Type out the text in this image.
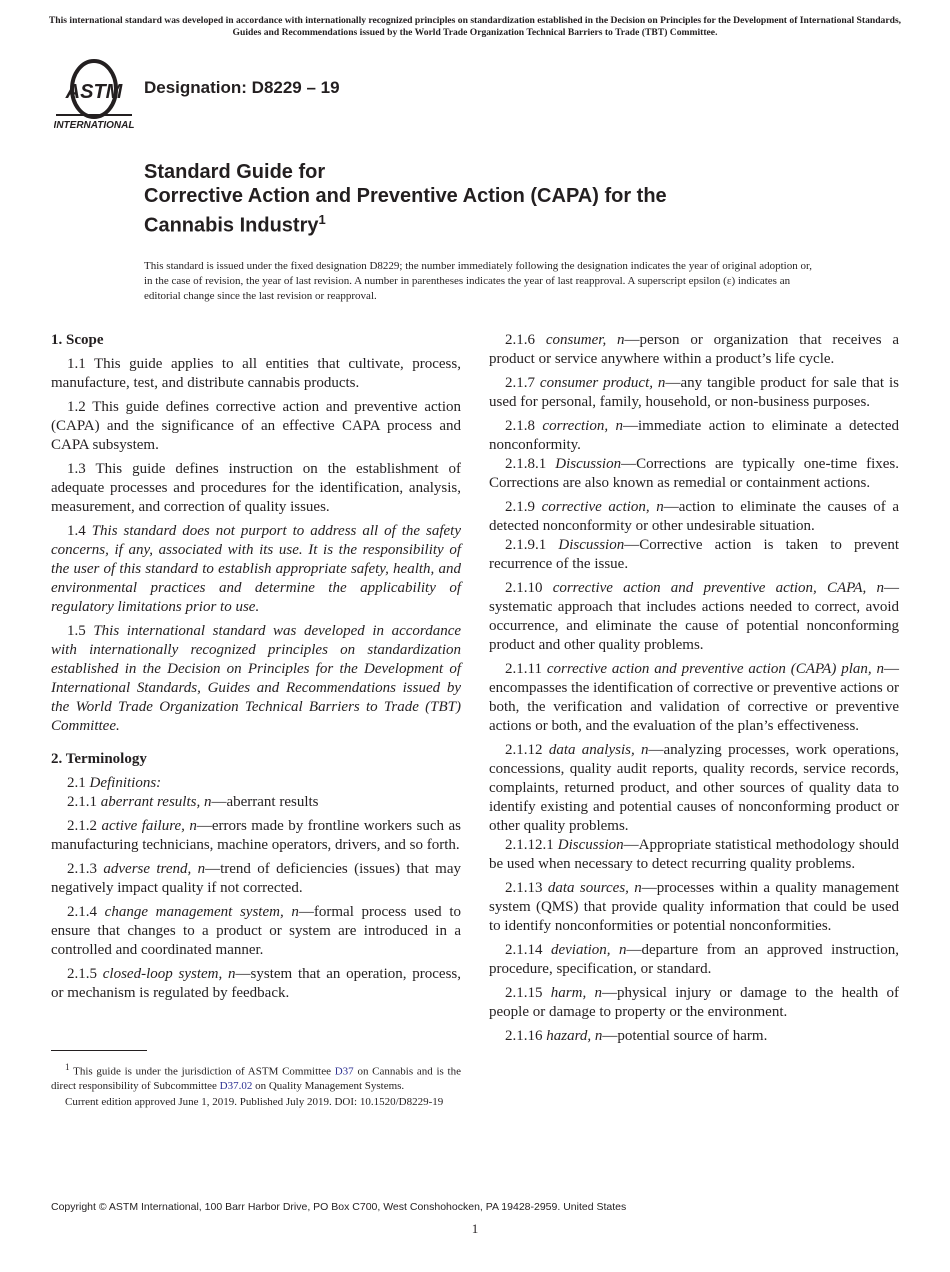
This international standard was developed in accordance with internationally recognized principles on standardization established in the Decision on Principles for the Development of International Standards, Guides and Recommendations issued by the World Trade Organization Technical Barriers to Trade (TBT) Committee.
ASTM
INTERNATIONAL
Designation: D8229 – 19
Standard Guide for
Corrective Action and Preventive Action (CAPA) for the
Cannabis Industry$^1$
This standard is issued under the fixed designation D8229; the number immediately following the designation indicates the year of original adoption or, in the case of revision, the year of last revision. A number in parentheses indicates the year of last reapproval. A superscript epsilon (ε) indicates an editorial change since the last revision or reapproval.
1. Scope

1.1 This guide applies to all entities that cultivate, process, manufacture, test, and distribute cannabis products.

1.2 This guide defines corrective action and preventive action (CAPA) and the significance of an effective CAPA process and CAPA subsystem.

1.3 This guide defines instruction on the establishment of adequate processes and procedures for the identification, analysis, measurement, and correction of quality issues.

1.4 This standard does not purport to address all of the safety concerns, if any, associated with its use. It is the responsibility of the user of this standard to establish appropriate safety, health, and environmental practices and determine the applicability of regulatory limitations prior to use.

1.5 This international standard was developed in accordance with internationally recognized principles on standardization established in the Decision on Principles for the Development of International Standards, Guides and Recommendations issued by the World Trade Organization Technical Barriers to Trade (TBT) Committee.

2. Terminology

2.1 Definitions:

2.1.1 aberrant results, n—aberrant results

2.1.2 active failure, n—errors made by frontline workers such as manufacturing technicians, machine operators, drivers, and so forth.

2.1.3 adverse trend, n—trend of deficiencies (issues) that may negatively impact quality if not corrected.

2.1.4 change management system, n—formal process used to ensure that changes to a product or system are introduced in a controlled and coordinated manner.

2.1.5 closed-loop system, n—system that an operation, process, or mechanism is regulated by feedback.

2.1.6 consumer, n—person or organization that receives a product or service anywhere within a product’s life cycle.

2.1.7 consumer product, n—any tangible product for sale that is used for personal, family, household, or non-business purposes.

2.1.8 correction, n—immediate action to eliminate a detected nonconformity.

2.1.8.1 Discussion—Corrections are typically one-time fixes. Corrections are also known as remedial or containment actions.

2.1.9 corrective action, n—action to eliminate the causes of a detected nonconformity or other undesirable situation.

2.1.9.1 Discussion—Corrective action is taken to prevent recurrence of the issue.

2.1.10 corrective action and preventive action, CAPA, n—systematic approach that includes actions needed to correct, avoid occurrence, and eliminate the cause of potential nonconforming product and other quality problems.

2.1.11 corrective action and preventive action (CAPA) plan, n—encompasses the identification of corrective or preventive actions or both, the verification and validation of corrective or preventive actions or both, and the evaluation of the plan’s effectiveness.

2.1.12 data analysis, n—analyzing processes, work operations, concessions, quality audit reports, quality records, service records, complaints, returned product, and other sources of quality data to identify existing and potential causes of nonconforming product or other quality problems.

2.1.12.1 Discussion—Appropriate statistical methodology should be used when necessary to detect recurring quality problems.

2.1.13 data sources, n—processes within a quality management system (QMS) that provide quality information that could be used to identify nonconformities or potential nonconformities.

2.1.14 deviation, n—departure from an approved instruction, procedure, specification, or standard.

2.1.15 harm, n—physical injury or damage to the health of people or damage to property or the environment.

2.1.16 hazard, n—potential source of harm.

$^1$ This guide is under the jurisdiction of ASTM Committee D37 on Cannabis and is the direct responsibility of Subcommittee D37.02 on Quality Management Systems.

Current edition approved June 1, 2019. Published July 2019. DOI: 10.1520/D8229-19

Copyright © ASTM International, 100 Barr Harbor Drive, PO Box C700, West Conshohocken, PA 19428-2959. United States
1
